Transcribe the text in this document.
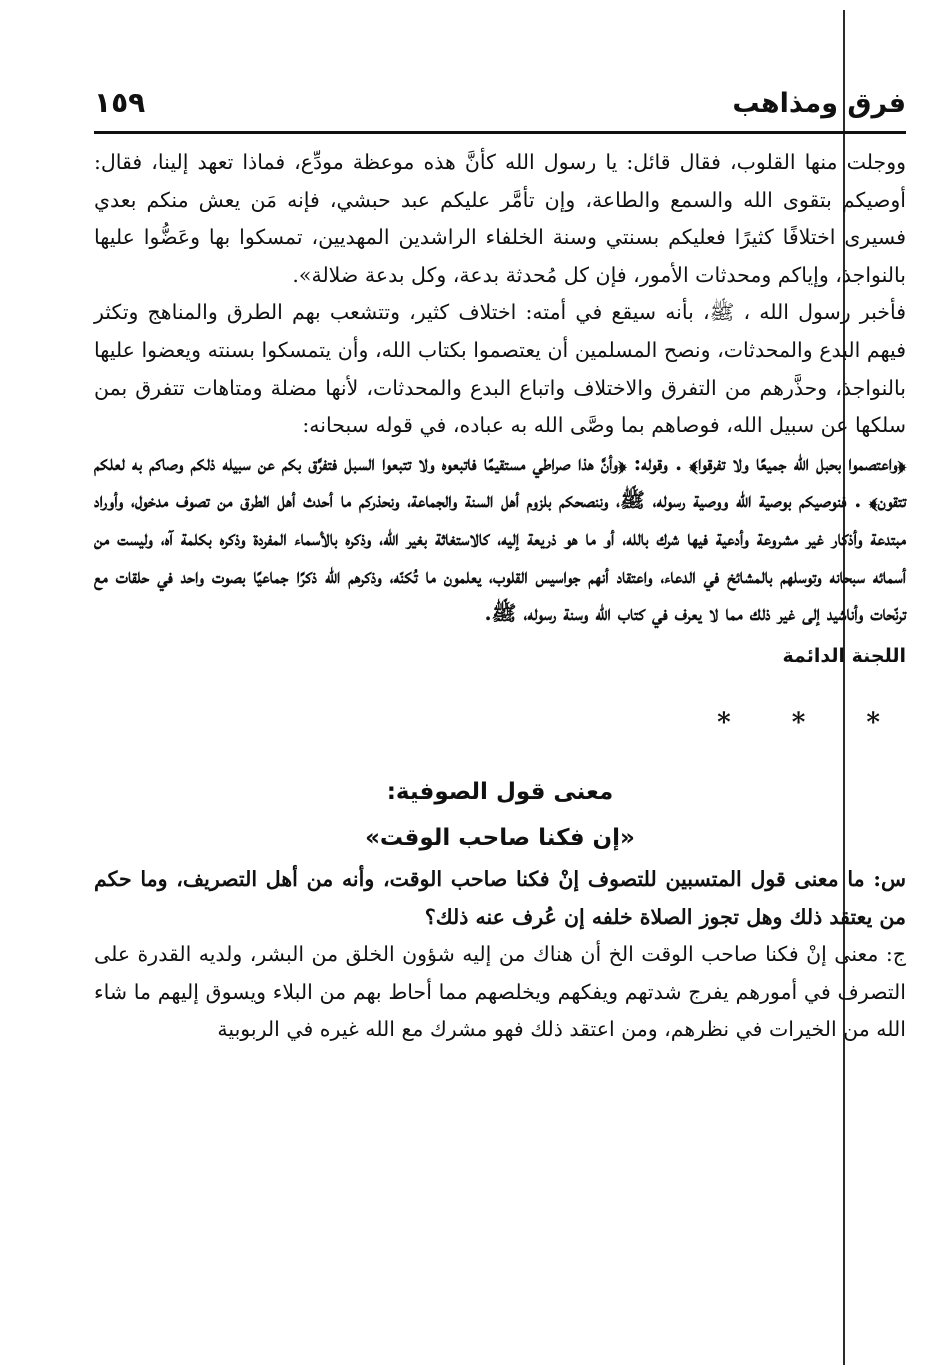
فرق ومذاهب
١٥٩

ووجلت منها القلوب، فقال قائل: يا رسول الله كأنَّ هذه موعظة مودِّع، فماذا تعهد إلينا، فقال: أوصيكم بتقوى الله والسمع والطاعة، وإن تأمَّر عليكم عبد حبشي، فإنه مَن يعش منكم بعدي فسيرى اختلافًا كثيرًا فعليكم بسنتي وسنة الخلفاء الراشدين المهديين، تمسكوا بها وعَضُّوا عليها بالنواجذ، وإياكم ومحدثات الأمور، فإن كل مُحدثة بدعة، وكل بدعة ضلالة».

فأخبر رسول الله ، ﷺ، بأنه سيقع في أمته: اختلاف كثير، وتتشعب بهم الطرق والمناهج وتكثر فيهم البدع والمحدثات، ونصح المسلمين أن يعتصموا بكتاب الله، وأن يتمسكوا بسنته ويعضوا عليها بالنواجذ، وحذَّرهم من التفرق والاختلاف واتباع البدع والمحدثات، لأنها مضلة ومتاهات تتفرق بمن سلكها عن سبيل الله، فوصاهم بما وصَّى الله به عباده، في قوله سبحانه:

﴿واعتصموا بحبل الله جميعًا ولا تفرقوا﴾ . وقوله: ﴿وأنَّ هذا صراطي مستقيمًا فاتبعوه ولا تتبعوا السبل فتفرَّق بكم عن سبيله ذلكم وصاكم به لعلكم تتقون﴾ . فنوصيكم بوصية الله ووصية رسوله، ﷺ، وننصحكم بلزوم أهل السنة والجماعة، ونحذركم ما أحدث أهل الطرق من تصوف مدخول، وأوراد مبتدعة وأذكار غير مشروعة وأدعية فيها شرك بالله، أو ما هو ذريعة إليه، كالاستغاثة بغير الله، وذكره بالأسماء المفردة وذكره بكلمة آه، وليست من أسمائه سبحانه وتوسلهم بالمشائخ في الدعاء، واعتقاد أنهم جواسيس القلوب، يعلمون ما تُكنّه، وذكرهم الله ذكرًا جماعيًا بصوت واحد في حلقات مع ترنّحات وأناشيد إلى غير ذلك مما لا يعرف في كتاب الله وسنة رسوله، ﷺ.

اللجنة الدائمة
* * *
معنى قول الصوفية:
«إن فكنا صاحب الوقت»

س: ما معنى قول المتسبين للتصوف إنْ فكنا صاحب الوقت، وأنه من أهل التصريف، وما حكم من يعتقد ذلك وهل تجوز الصلاة خلفه إن عُرف عنه ذلك؟

ج: معنى إنْ فكنا صاحب الوقت الخ أن هناك من إليه شؤون الخلق من البشر، ولديه القدرة على التصرف في أمورهم يفرج شدتهم ويفكهم ويخلصهم مما أحاط بهم من البلاء ويسوق إليهم ما شاء الله من الخيرات في نظرهم، ومن اعتقد ذلك فهو مشرك مع الله غيره في الربوبية
